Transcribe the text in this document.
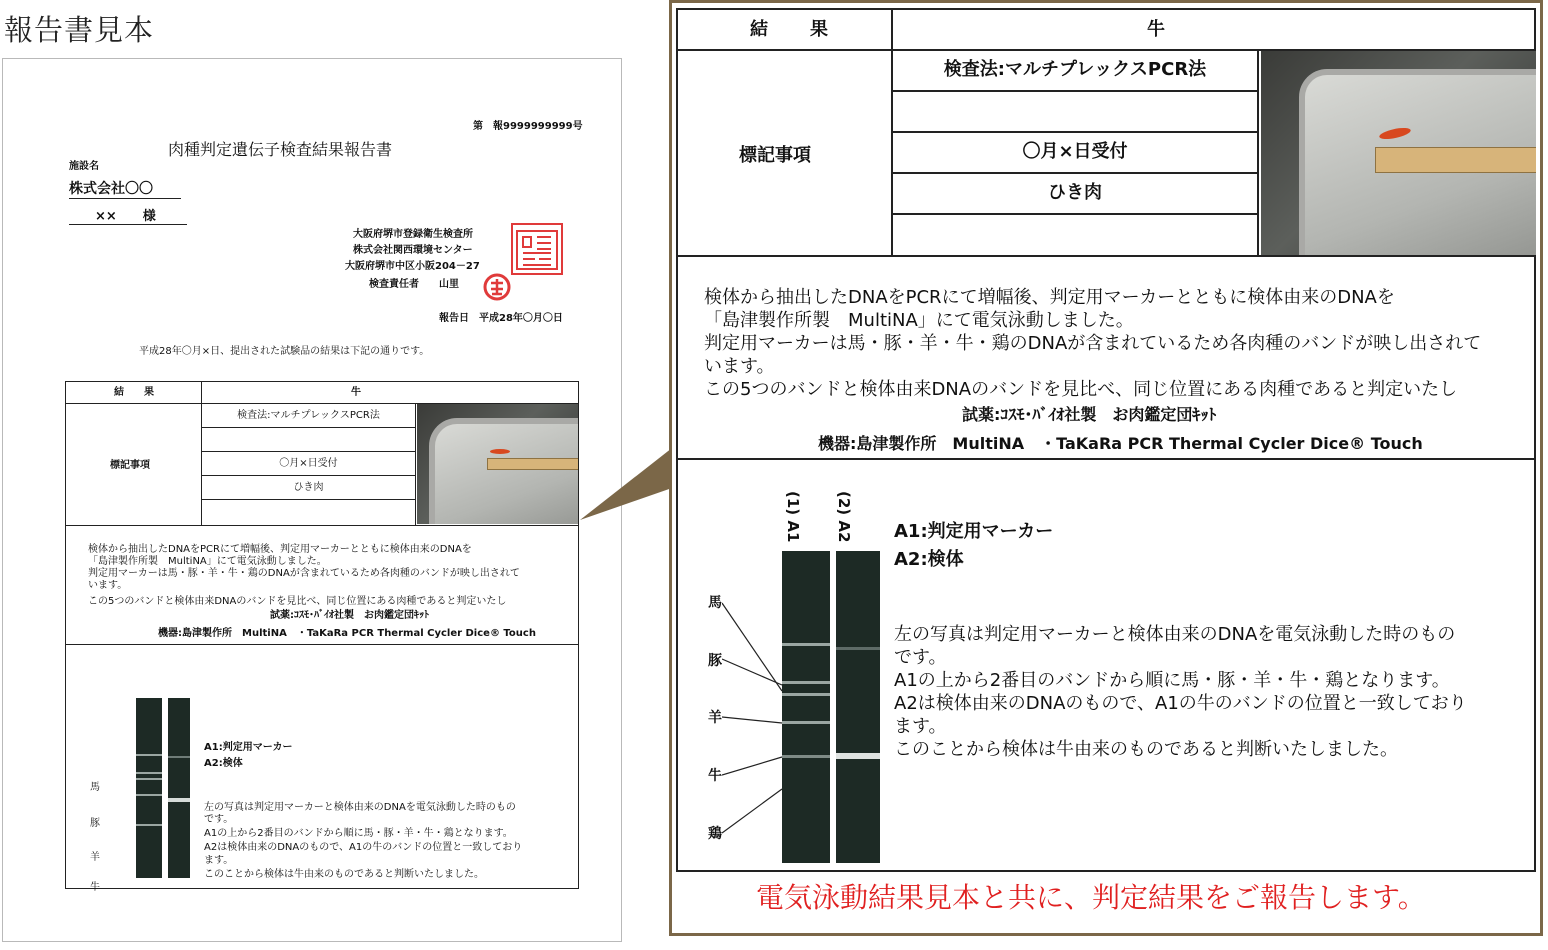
報告書見本
第　報9999999999号
肉種判定遺伝子検査結果報告書
施設名
株式会社〇〇
××　　様
大阪府堺市登録衛生検査所
株式会社関西環境センター
大阪府堺市中区小阪204－27
検査責任者　　山里
報告日　平成28年〇月〇日
平成28年〇月×日、提出された試験品の結果は下記の通りです。
結　　果	牛
標記事項
検査法:マルチプレックスPCR法
〇月×日受付
ひき肉
検体から抽出したDNAをPCRにて増幅後、判定用マーカーとともに検体由来のDNAを
「島津製作所製　MultiNA」にて電気泳動しました。
判定用マーカーは馬・豚・羊・牛・鶏のDNAが含まれているため各肉種のバンドが映し出されて
います。
この5つのバンドと検体由来DNAのバンドを見比べ、同じ位置にある肉種であると判定いたし
試薬:ｺｽﾓ･ﾊﾞｲｵ社製　お肉鑑定団ｷｯﾄ
機器:島津製作所　MultiNA　・TaKaRa PCR Thermal Cycler Dice® Touch
A1:判定用マーカー
A2:検体
左の写真は判定用マーカーと検体由来のDNAを電気泳動した時のもの
です。
A1の上から2番目のバンドから順に馬・豚・羊・牛・鶏となります。
A2は検体由来のDNAのもので、A1の牛のバンドの位置と一致しており
ます。
このことから検体は牛由来のものであると判断いたしました。
馬
豚
羊
牛
結　　果	牛
標記事項
検査法:マルチプレックスPCR法
〇月×日受付
ひき肉
検体から抽出したDNAをPCRにて増幅後、判定用マーカーとともに検体由来のDNAを
「島津製作所製　MultiNA」にて電気泳動しました。
判定用マーカーは馬・豚・羊・牛・鶏のDNAが含まれているため各肉種のバンドが映し出されて
います。
この5つのバンドと検体由来DNAのバンドを見比べ、同じ位置にある肉種であると判定いたし
試薬:ｺｽﾓ･ﾊﾞｲｵ社製　お肉鑑定団ｷｯﾄ
機器:島津製作所　MultiNA　・TaKaRa PCR Thermal Cycler Dice® Touch
(1) A1 (2) A2
馬
豚
羊
牛
鶏
A1:判定用マーカー
A2:検体
左の写真は判定用マーカーと検体由来のDNAを電気泳動した時のもの
です。
A1の上から2番目のバンドから順に馬・豚・羊・牛・鶏となります。
A2は検体由来のDNAのもので、A1の牛のバンドの位置と一致しており
ます。
このことから検体は牛由来のものであると判断いたしました。
電気泳動結果見本と共に、判定結果をご報告します。
